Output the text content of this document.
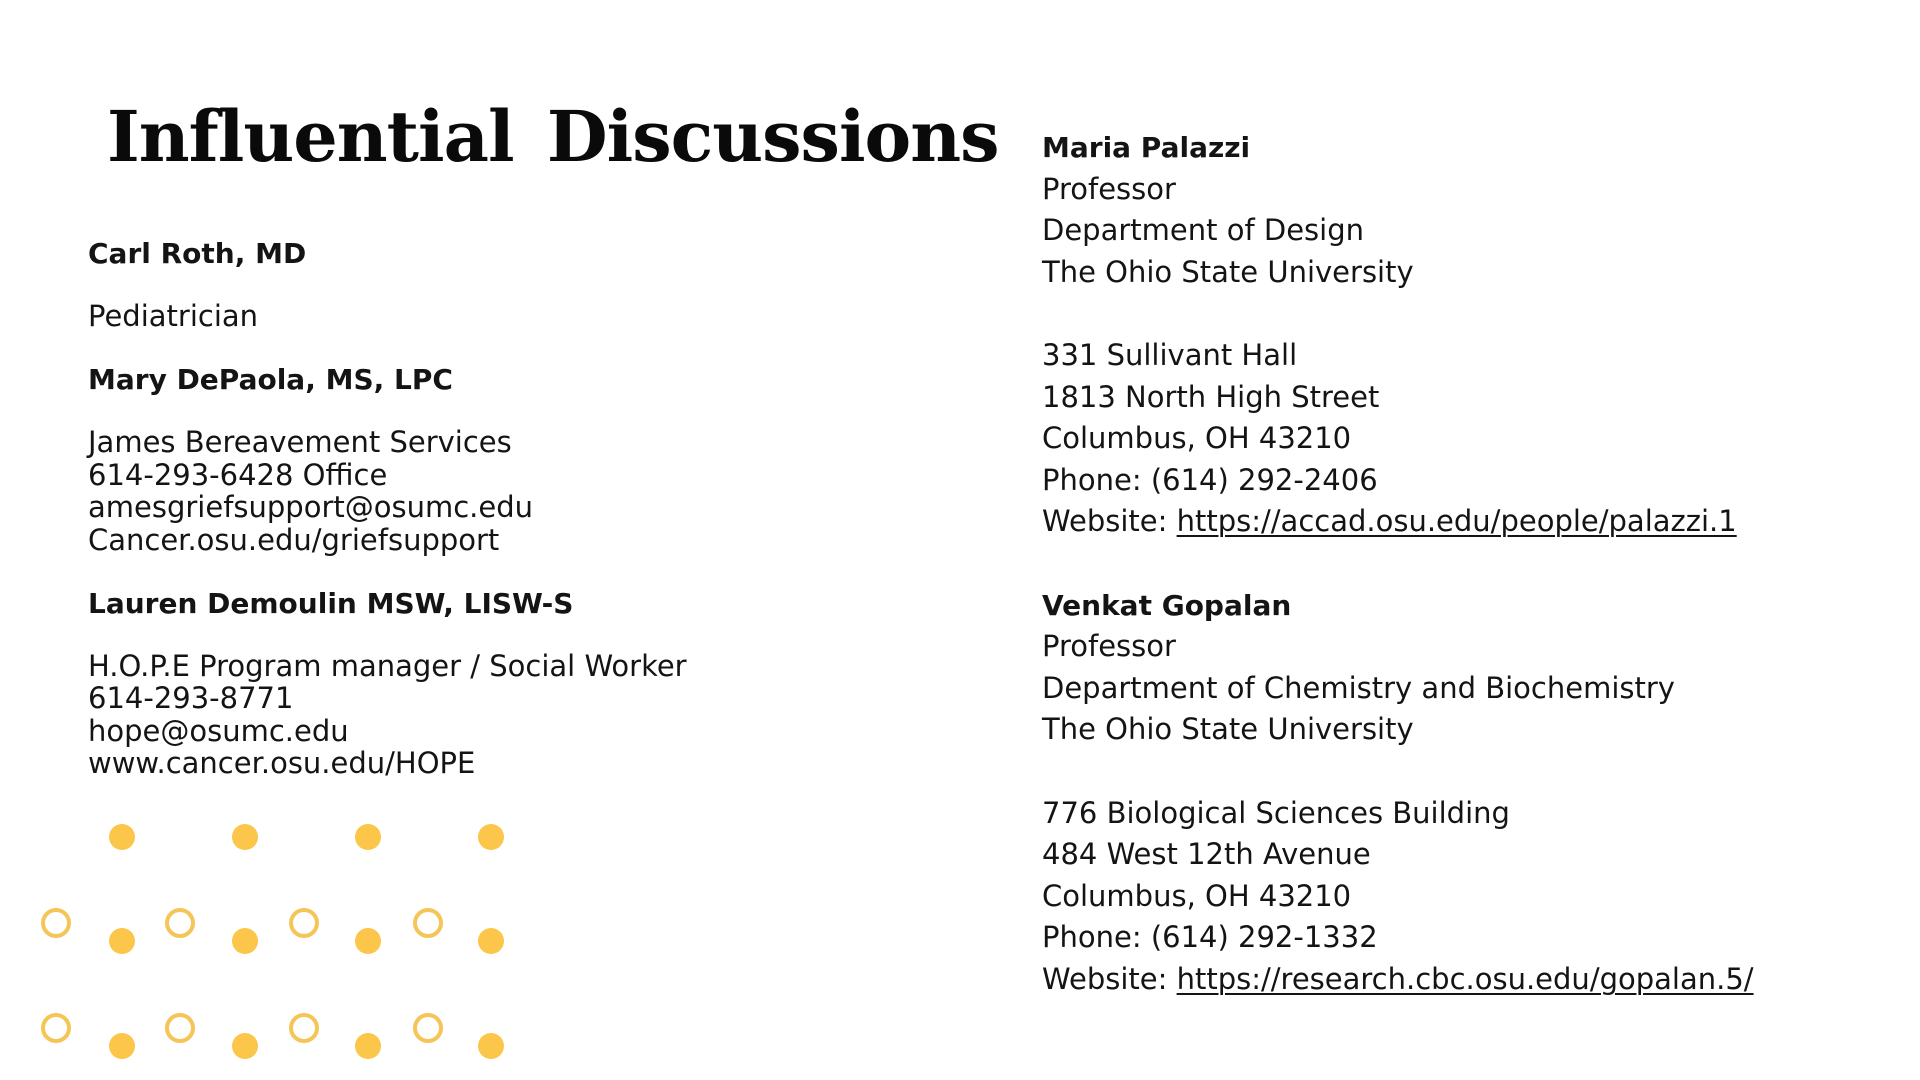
Influential Discussions

Carl Roth, MD

Pediatrician

Mary DePaola, MS, LPC

James Bereavement Services

614-293-6428 Office

amesgriefsupport@osumc.edu

Cancer.osu.edu/griefsupport

Lauren Demoulin MSW, LISW-S

H.O.P.E Program manager / Social Worker

614-293-8771

hope@osumc.edu

www.cancer.osu.edu/HOPE

Maria Palazzi

Professor

Department of Design

The Ohio State University

331 Sullivant Hall

1813 North High Street

Columbus, OH 43210

Phone: (614) 292-2406

Website: https://accad.osu.edu/people/palazzi.1

Venkat Gopalan

Professor

Department of Chemistry and Biochemistry

The Ohio State University

776 Biological Sciences Building

484 West 12th Avenue

Columbus, OH 43210

Phone: (614) 292-1332

Website: https://research.cbc.osu.edu/gopalan.5/
